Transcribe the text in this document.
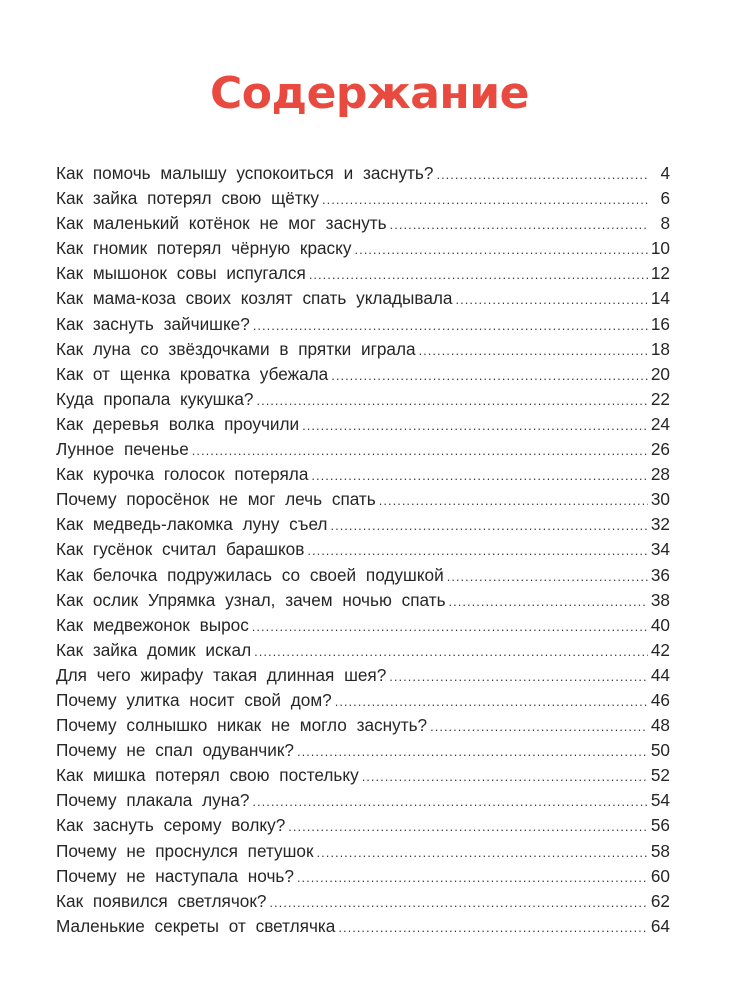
Содержание
Как помочь малышу успокоиться и заснуть? .....	4
Как зайка потерял свою щётку .....	6
Как маленький котёнок не мог заснуть .....	8
Как гномик потерял чёрную краску .....	10
Как мышонок совы испугался .....	12
Как мама-коза своих козлят спать укладывала .....	14
Как заснуть зайчишке? .....	16
Как луна со звёздочками в прятки играла .....	18
Как от щенка кроватка убежала .....	20
Куда пропала кукушка? .....	22
Как деревья волка проучили .....	24
Лунное печенье .....	26
Как курочка голосок потеряла .....	28
Почему поросёнок не мог лечь спать .....	30
Как медведь-лакомка луну съел .....	32
Как гусёнок считал барашков .....	34
Как белочка подружилась со своей подушкой .....	36
Как ослик Упрямка узнал, зачем ночью спать .....	38
Как медвежонок вырос .....	40
Как зайка домик искал .....	42
Для чего жирафу такая длинная шея? .....	44
Почему улитка носит свой дом? .....	46
Почему солнышко никак не могло заснуть? .....	48
Почему не спал одуванчик? .....	50
Как мишка потерял свою постельку .....	52
Почему плакала луна? .....	54
Как заснуть серому волку? .....	56
Почему не проснулся петушок .....	58
Почему не наступала ночь? .....	60
Как появился светлячок? .....	62
Маленькие секреты от светлячка .....	64
